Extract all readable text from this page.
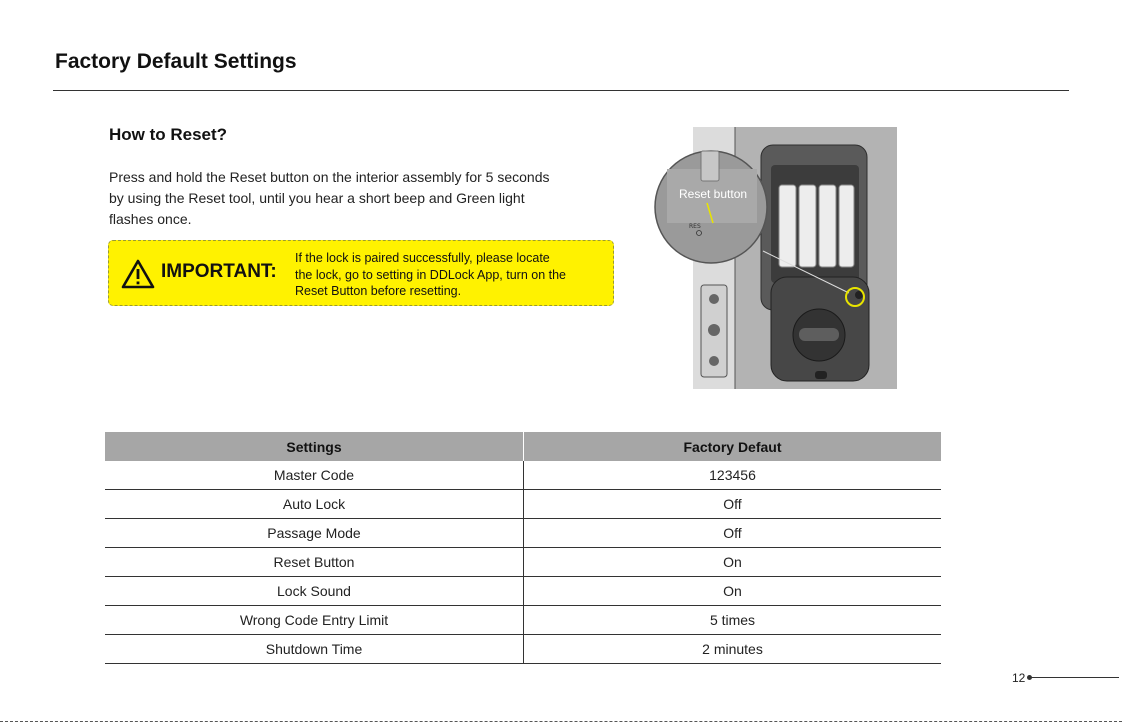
Factory Default Settings
How to Reset?
Press and hold the Reset button on the interior assembly for 5 seconds
by using the Reset tool, until you hear a short beep and Green light
flashes once.
IMPORTANT:
If the lock is paired successfully, please locate
the lock, go to setting in DDLock App, turn on the
Reset Button before resetting.
RES
Reset button
Settings	Factory Defaut
Master Code	123456
Auto Lock	Off
Passage Mode	Off
Reset Button	On
Lock Sound	On
Wrong Code Entry Limit	5 times
Shutdown Time	2 minutes
12
